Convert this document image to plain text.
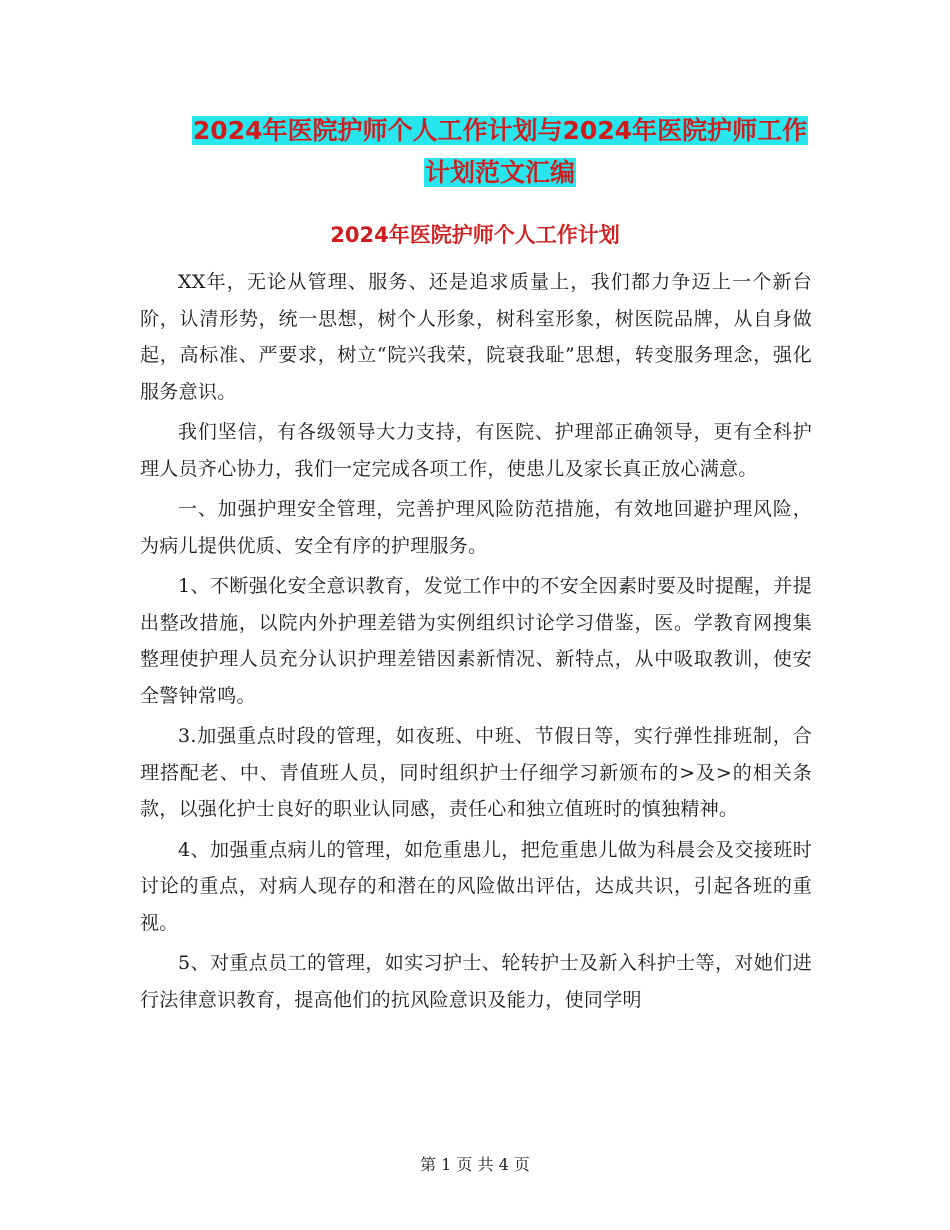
2024年医院护师个人工作计划与2024年医院护师工作计划范文汇编
2024年医院护师个人工作计划

XX年，无论从管理、服务、还是追求质量上，我们都力争迈上一个新台阶，认清形势，统一思想，树个人形象，树科室形象，树医院品牌，从自身做起，高标准、严要求，树立“院兴我荣，院衰我耻”思想，转变服务理念，强化服务意识。

我们坚信，有各级领导大力支持，有医院、护理部正确领导，更有全科护理人员齐心协力，我们一定完成各项工作，使患儿及家长真正放心满意。

一、加强护理安全管理，完善护理风险防范措施，有效地回避护理风险，为病儿提供优质、安全有序的护理服务。

1、不断强化安全意识教育，发觉工作中的不安全因素时要及时提醒，并提出整改措施，以院内外护理差错为实例组织讨论学习借鉴，医。学教育网搜集整理使护理人员充分认识护理差错因素新情况、新特点，从中吸取教训，使安全警钟常鸣。

3.加强重点时段的管理，如夜班、中班、节假日等，实行弹性排班制，合理搭配老、中、青值班人员，同时组织护士仔细学习新颁布的>及>的相关条款，以强化护士良好的职业认同感，责任心和独立值班时的慎独精神。

4、加强重点病儿的管理，如危重患儿，把危重患儿做为科晨会及交接班时讨论的重点，对病人现存的和潜在的风险做出评估，达成共识，引起各班的重视。

5、对重点员工的管理，如实习护士、轮转护士及新入科护士等，对她们进行法律意识教育，提高他们的抗风险意识及能力，使同学明

第 1 页 共 4 页
